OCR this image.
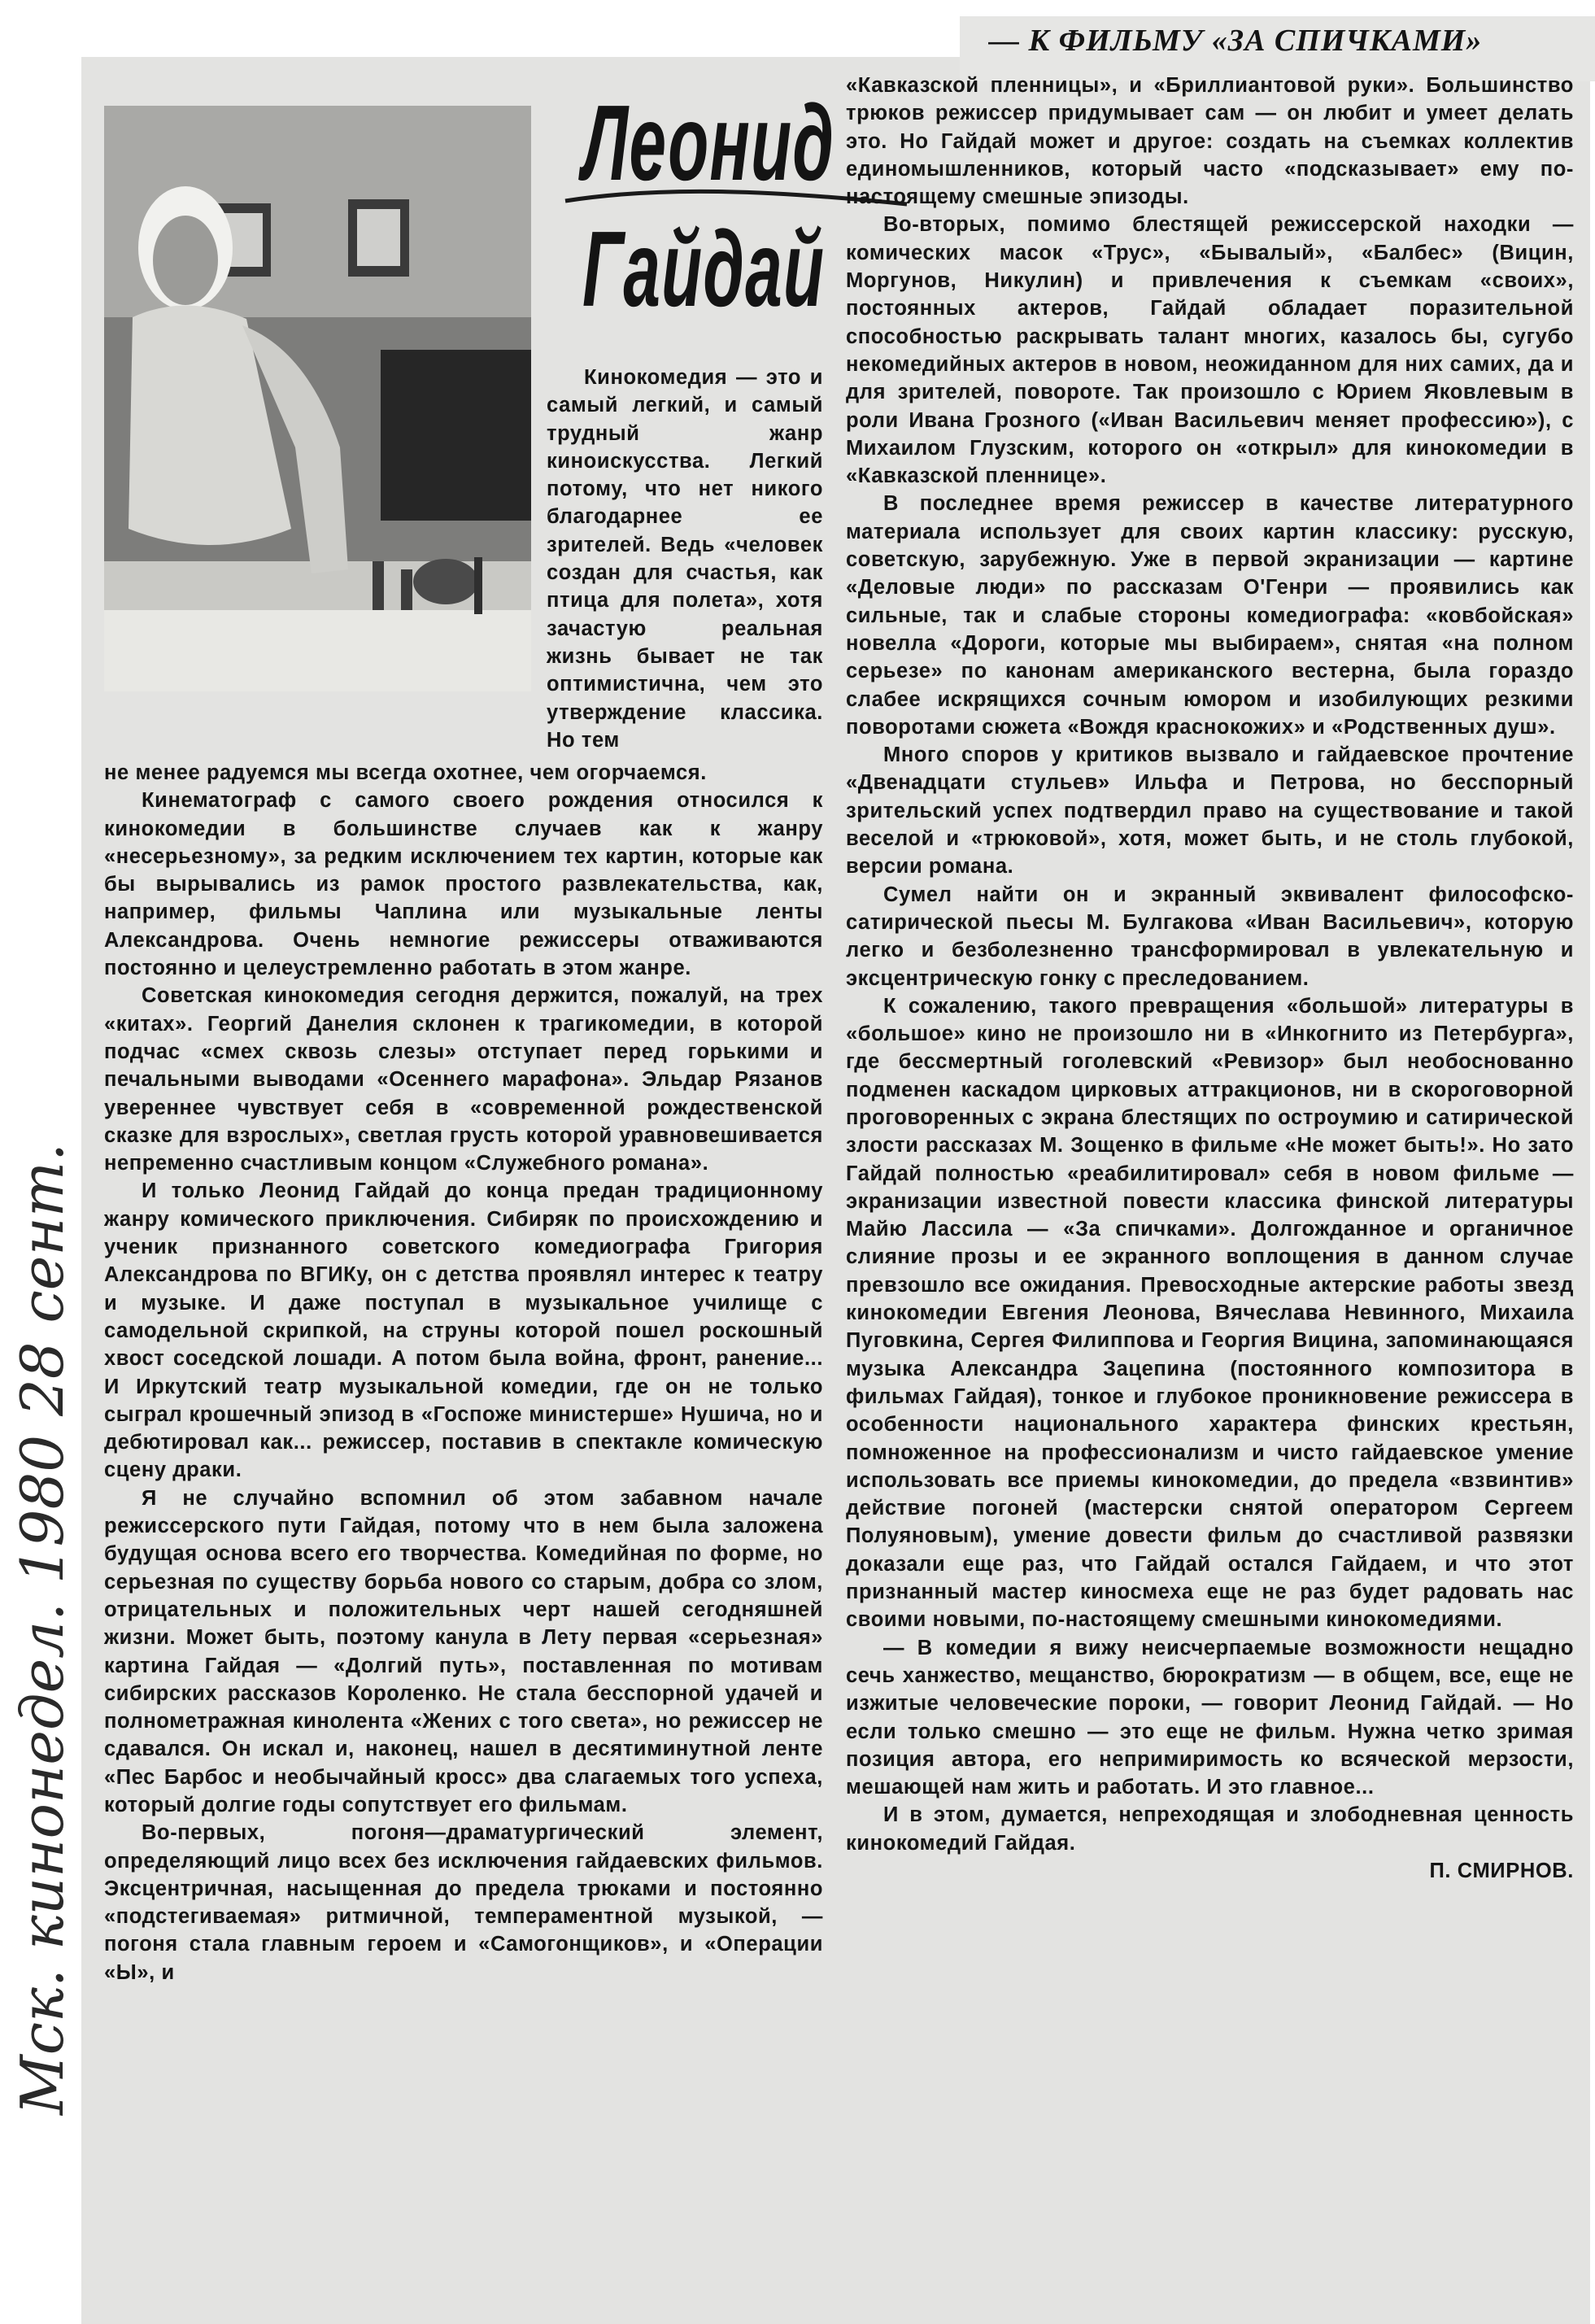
— К ФИЛЬМУ «ЗА СПИЧКАМИ»
Леонид
Гайдай

Кинокомедия — это и самый легкий, и самый трудный жанр киноискусства. Легкий потому, что нет никого благодарнее ее зрителей. Ведь «человек создан для счастья, как птица для полета», хотя зачастую реальная жизнь бывает не так оптимистична, чем это утверждение классика. Но тем

не менее радуемся мы всегда охотнее, чем огорчаемся.

Кинематограф с самого своего рождения относился к кинокомедии в большинстве случаев как к жанру «несерьезному», за редким исключением тех картин, которые как бы вырывались из рамок простого развлекательства, как, например, фильмы Чаплина или музыкальные ленты Александрова. Очень немногие режиссеры отваживаются постоянно и целеустремленно работать в этом жанре.

Советская кинокомедия сегодня держится, пожалуй, на трех «китах». Георгий Данелия склонен к трагикомедии, в которой подчас «смех сквозь слезы» отступает перед горькими и печальными выводами «Осеннего марафона». Эльдар Рязанов увереннее чувствует себя в «современной рождественской сказке для взрослых», светлая грусть которой уравновешивается непременно счастливым концом «Служебного романа».

И только Леонид Гайдай до конца предан традиционному жанру комического приключения. Сибиряк по происхождению и ученик признанного советского комедиографа Григория Александрова по ВГИКу, он с детства проявлял интерес к театру и музыке. И даже поступал в музыкальное училище с самодельной скрипкой, на струны которой пошел роскошный хвост соседской лошади. А потом была война, фронт, ранение... И Иркутский театр музыкальной комедии, где он не только сыграл крошечный эпизод в «Госпоже министерше» Нушича, но и дебютировал как... режиссер, поставив в спектакле комическую сцену драки.

Я не случайно вспомнил об этом забавном начале режиссерского пути Гайдая, потому что в нем была заложена будущая основа всего его творчества. Комедийная по форме, но серьезная по существу борьба нового со старым, добра со злом, отрицательных и положительных черт нашей сегодняшней жизни. Может быть, поэтому канула в Лету первая «серьезная» картина Гайдая — «Долгий путь», поставленная по мотивам сибирских рассказов Короленко. Не стала бесспорной удачей и полнометражная кинолента «Жених с того света», но режиссер не сдавался. Он искал и, наконец, нашел в десятиминутной ленте «Пес Барбос и необычайный кросс» два слагаемых того успеха, который долгие годы сопутствует его фильмам.

Во-первых, погоня—драматургический элемент, определяющий лицо всех без исключения гайдаевских фильмов. Эксцентричная, насыщенная до предела трюками и постоянно «подстегиваемая» ритмичной, темпераментной музыкой, — погоня стала главным героем и «Самогонщиков», и «Операции «Ы», и

«Кавказской пленницы», и «Бриллиантовой руки». Большинство трюков режиссер придумывает сам — он любит и умеет делать это. Но Гайдай может и другое: создать на съемках коллектив единомышленников, который часто «подсказывает» ему по-настоящему смешные эпизоды.

Во-вторых, помимо блестящей режиссерской находки — комических масок «Трус», «Бывалый», «Балбес» (Вицин, Моргунов, Никулин) и привлечения к съемкам «своих», постоянных актеров, Гайдай обладает поразительной способностью раскрывать талант многих, казалось бы, сугубо некомедийных актеров в новом, неожиданном для них самих, да и для зрителей, повороте. Так произошло с Юрием Яковлевым в роли Ивана Грозного («Иван Васильевич меняет профессию»), с Михаилом Глузским, которого он «открыл» для кинокомедии в «Кавказской пленнице».

В последнее время режиссер в качестве литературного материала использует для своих картин классику: русскую, советскую, зарубежную. Уже в первой экранизации — картине «Деловые люди» по рассказам О'Генри — проявились как сильные, так и слабые стороны комедиографа: «ковбойская» новелла «Дороги, которые мы выбираем», снятая «на полном серьезе» по канонам американского вестерна, была гораздо слабее искрящихся сочным юмором и изобилующих резкими поворотами сюжета «Вождя краснокожих» и «Родственных душ».

Много споров у критиков вызвало и гайдаевское прочтение «Двенадцати стульев» Ильфа и Петрова, но бесспорный зрительский успех подтвердил право на существование и такой веселой и «трюковой», хотя, может быть, и не столь глубокой, версии романа.

Сумел найти он и экранный эквивалент философско-сатирической пьесы М. Булгакова «Иван Васильевич», которую легко и безболезненно трансформировал в увлекательную и эксцентрическую гонку с преследованием.

К сожалению, такого превращения «большой» литературы в «большое» кино не произошло ни в «Инкогнито из Петербурга», где бессмертный гоголевский «Ревизор» был необоснованно подменен каскадом цирковых аттракционов, ни в скороговорной проговоренных с экрана блестящих по остроумию и сатирической злости рассказах М. Зощенко в фильме «Не может быть!». Но зато Гайдай полностью «реабилитировал» себя в новом фильме — экранизации известной повести классика финской литературы Майю Лассила — «За спичками». Долгожданное и органичное слияние прозы и ее экранного воплощения в данном случае превзошло все ожидания. Превосходные актерские работы звезд кинокомедии Евгения Леонова, Вячеслава Невинного, Михаила Пуговкина, Сергея Филиппова и Георгия Вицина, запоминающаяся музыка Александра Зацепина (постоянного композитора в фильмах Гайдая), тонкое и глубокое проникновение режиссера в особенности национального характера финских крестьян, помноженное на профессионализм и чисто гайдаевское умение использовать все приемы кинокомедии, до предела «взвинтив» действие погоней (мастерски снятой оператором Сергеем Полуяновым), умение довести фильм до счастливой развязки доказали еще раз, что Гайдай остался Гайдаем, и что этот признанный мастер киносмеха еще не раз будет радовать нас своими новыми, по-настоящему смешными кинокомедиями.

— В комедии я вижу неисчерпаемые возможности нещадно сечь ханжество, мещанство, бюрократизм — в общем, все, еще не изжитые человеческие пороки, — говорит Леонид Гайдай. — Но если только смешно — это еще не фильм. Нужна четко зримая позиция автора, его непримиримость ко всяческой мерзости, мешающей нам жить и работать. И это главное...

И в этом, думается, непреходящая и злободневная ценность кинокомедий Гайдая.

П. СМИРНОВ.
Мск. кинонедел. 1980 28 сент.
